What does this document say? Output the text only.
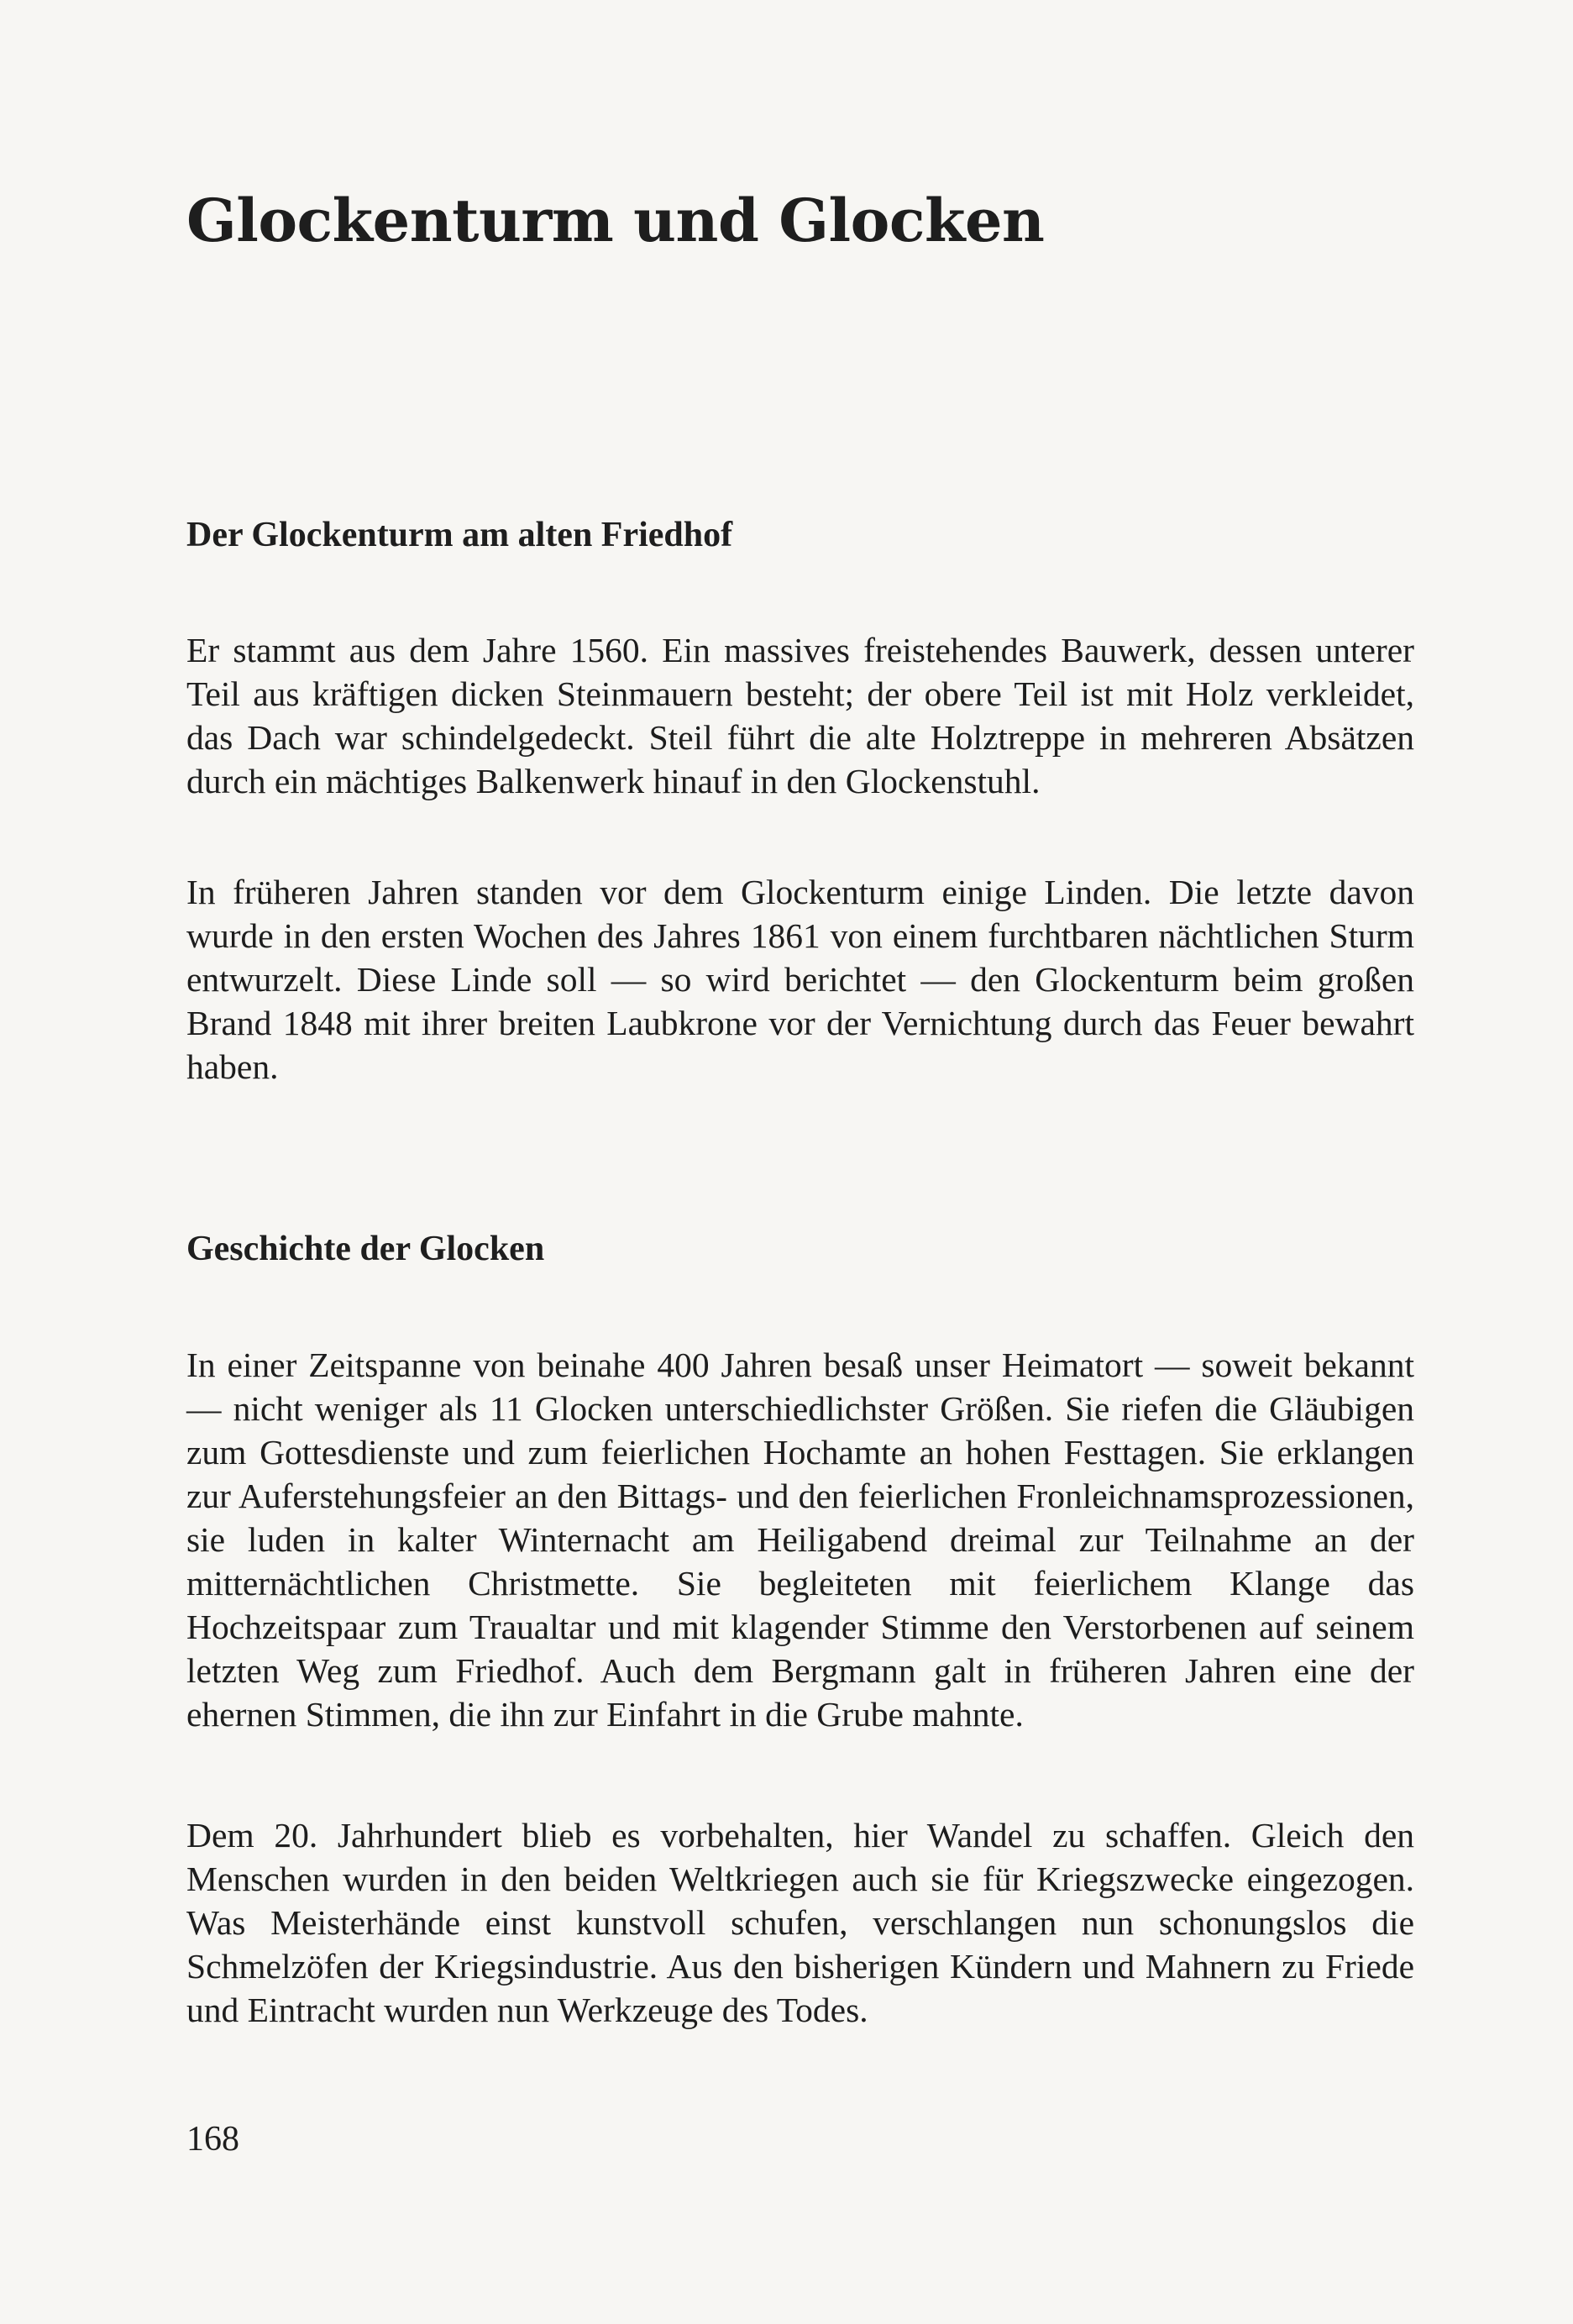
Glockenturm und Glocken
Der Glockenturm am alten Friedhof

Er stammt aus dem Jahre 1560. Ein massives freistehendes Bauwerk, dessen unterer Teil aus kräftigen dicken Steinmauern besteht; der obere Teil ist mit Holz verkleidet, das Dach war schindelgedeckt. Steil führt die alte Holztreppe in mehreren Absätzen durch ein mächtiges Balkenwerk hinauf in den Glockenstuhl.

In früheren Jahren standen vor dem Glockenturm einige Linden. Die letzte davon wurde in den ersten Wochen des Jahres 1861 von einem furchtbaren nächtlichen Sturm entwurzelt. Diese Linde soll — so wird berichtet — den Glockenturm beim großen Brand 1848 mit ihrer breiten Laubkrone vor der Vernichtung durch das Feuer bewahrt haben.

Geschichte der Glocken

In einer Zeitspanne von beinahe 400 Jahren besaß unser Heimatort — soweit bekannt — nicht weniger als 11 Glocken unterschiedlichster Größen. Sie riefen die Gläubigen zum Gottesdienste und zum feierlichen Hochamte an hohen Festtagen. Sie erklangen zur Auferstehungsfeier an den Bittags- und den feierlichen Fronleichnamsprozessionen, sie luden in kalter Winternacht am Heiligabend dreimal zur Teilnahme an der mitternächtlichen Christmette. Sie begleiteten mit feierlichem Klange das Hochzeitspaar zum Traualtar und mit klagender Stimme den Verstorbenen auf seinem letzten Weg zum Friedhof. Auch dem Bergmann galt in früheren Jahren eine der ehernen Stimmen, die ihn zur Einfahrt in die Grube mahnte.

Dem 20. Jahrhundert blieb es vorbehalten, hier Wandel zu schaffen. Gleich den Menschen wurden in den beiden Weltkriegen auch sie für Kriegszwecke eingezogen. Was Meisterhände einst kunstvoll schufen, verschlangen nun schonungslos die Schmelzöfen der Kriegsindustrie. Aus den bisherigen Kündern und Mahnern zu Friede und Eintracht wurden nun Werkzeuge des Todes.

168
